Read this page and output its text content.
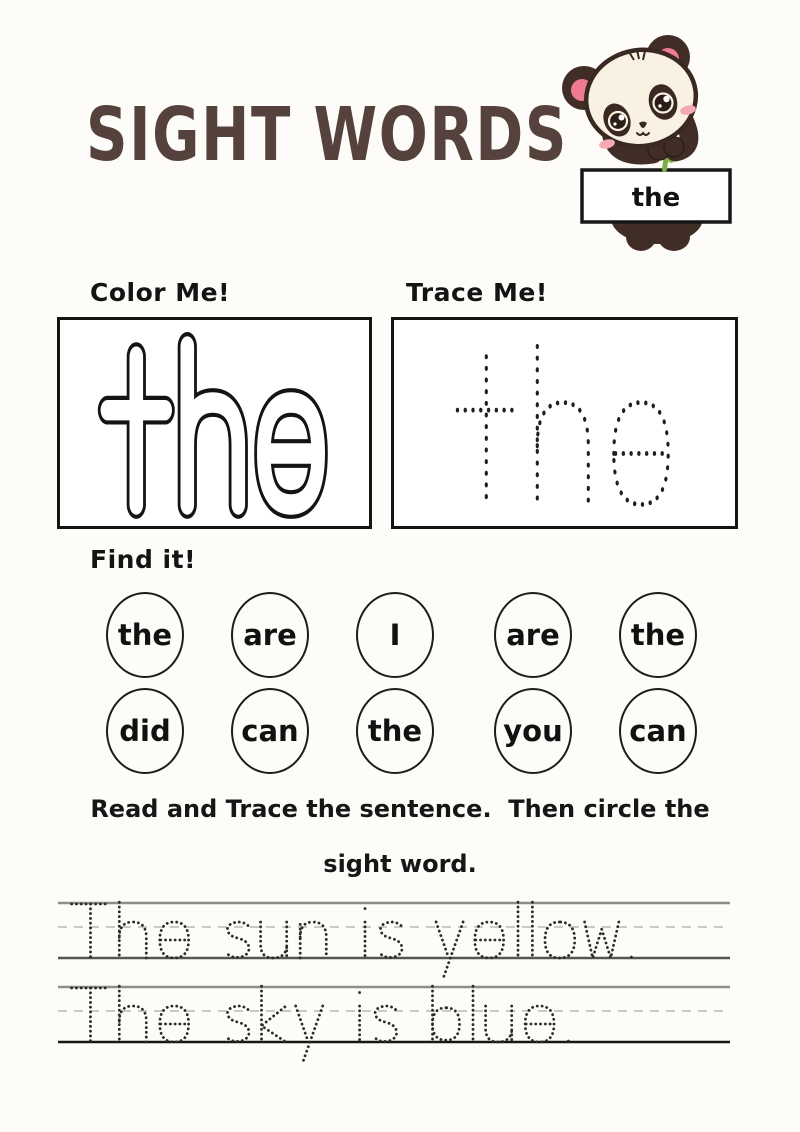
SIGHT WORDS
the
Color Me!	Trace Me!
Find it!
the are	I	are the
did can the	you can
Read and Trace the sentence.  Then circle the
sight word.
